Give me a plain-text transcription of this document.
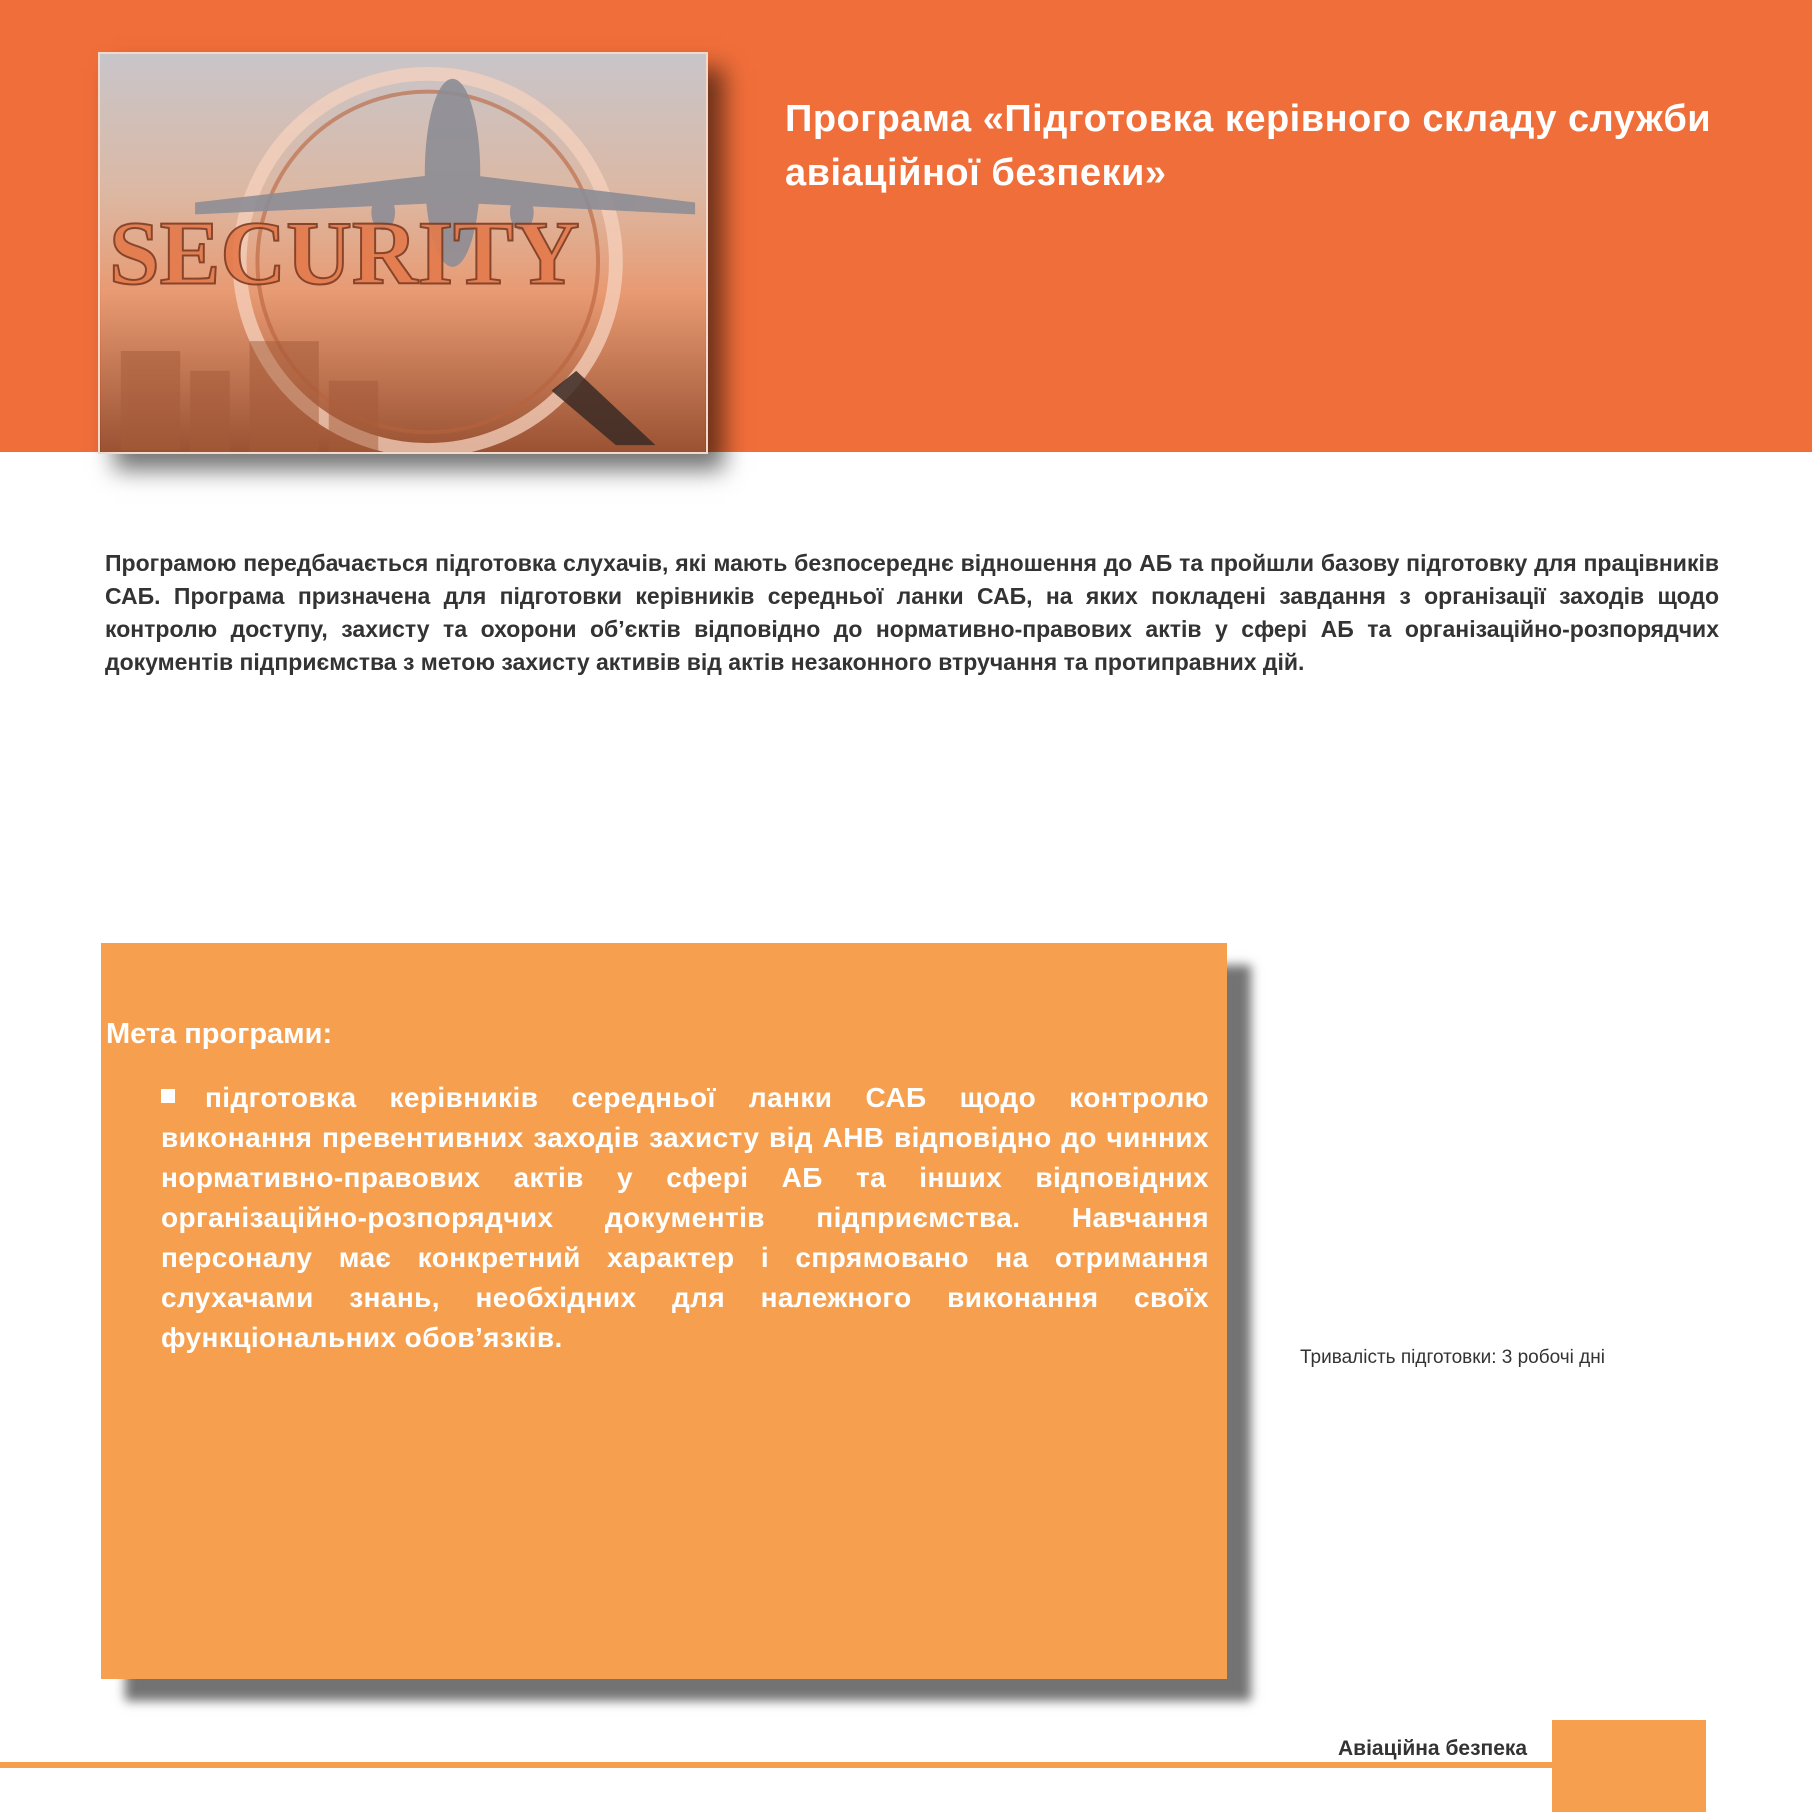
SECURITY
Програма «Підготовка керівного складу служби авіаційної безпеки»

Програмою передбачається підготовка слухачів, які мають безпосереднє відношення до АБ та пройшли базову підготовку для працівників САБ. Програма призначена для підготовки керівників середньої ланки САБ, на яких покладені завдання з організації заходів щодо контролю доступу, захисту та охорони об’єктів відповідно до нормативно-правових актів у сфері АБ та організаційно-розпорядчих документів підприємства з метою захисту активів від актів незаконного втручання та протиправних дій.

Мета програми:

підготовка керівників середньої ланки САБ щодо контролю виконання превентивних заходів захисту від АНВ відповідно до чинних нормативно-правових актів у сфері АБ та інших відповідних організаційно-розпорядчих документів підприємства. Навчання персоналу має конкретний характер і спрямовано на отримання слухачами знань, необхідних для належного виконання своїх функціональних обов’язків.

Тривалість підготовки: 3 робочі дні

Авіаційна безпека
